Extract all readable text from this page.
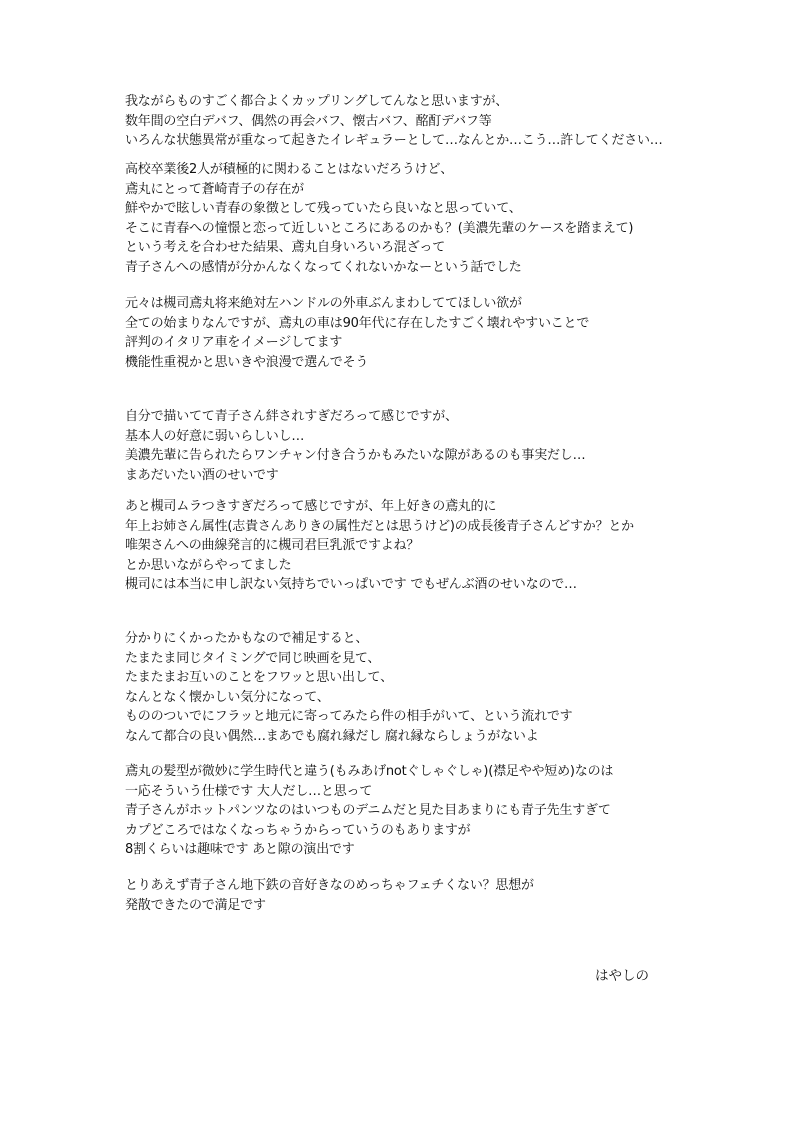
我ながらものすごく都合よくカップリングしてんなと思いますが、
数年間の空白デバフ、偶然の再会バフ、懐古バフ、酩酊デバフ等
いろんな状態異常が重なって起きたイレギュラーとして…なんとか…こう…許してください…
高校卒業後2人が積極的に関わることはないだろうけど、
鳶丸にとって蒼崎青子の存在が
鮮やかで眩しい青春の象徴として残っていたら良いなと思っていて、
そこに青春への憧憬と恋って近しいところにあるのかも？(美濃先輩のケースを踏まえて)
という考えを合わせた結果、鳶丸自身いろいろ混ざって
青子さんへの感情が分かんなくなってくれないかなーという話でした
元々は槻司鳶丸将来絶対左ハンドルの外車ぶんまわしててほしい欲が
全ての始まりなんですが、鳶丸の車は90年代に存在したすごく壊れやすいことで
評判のイタリア車をイメージしてます
機能性重視かと思いきや浪漫で選んでそう
自分で描いてて青子さん絆されすぎだろって感じですが、
基本人の好意に弱いらしいし…
美濃先輩に告られたらワンチャン付き合うかもみたいな隙があるのも事実だし…
まあだいたい酒のせいです
あと槻司ムラつきすぎだろって感じですが、年上好きの鳶丸的に
年上お姉さん属性(志貴さんありきの属性だとは思うけど)の成長後青子さんどすか？とか
唯架さんへの曲線発言的に槻司君巨乳派ですよね？
とか思いながらやってました
槻司には本当に申し訳ない気持ちでいっぱいです でもぜんぶ酒のせいなので…
分かりにくかったかもなので補足すると、
たまたま同じタイミングで同じ映画を見て、
たまたまお互いのことをフワッと思い出して、
なんとなく懐かしい気分になって、
もののついでにフラッと地元に寄ってみたら件の相手がいて、という流れです
なんて都合の良い偶然…まあでも腐れ縁だし 腐れ縁ならしょうがないよ
鳶丸の髪型が微妙に学生時代と違う(もみあげnotぐしゃぐしゃ)(襟足やや短め)なのは
一応そういう仕様です 大人だし…と思って
青子さんがホットパンツなのはいつものデニムだと見た目あまりにも青子先生すぎて
カプどころではなくなっちゃうからっていうのもありますが
8割くらいは趣味です あと隙の演出です
とりあえず青子さん地下鉄の音好きなのめっちゃフェチくない？思想が
発散できたので満足です
はやしの
